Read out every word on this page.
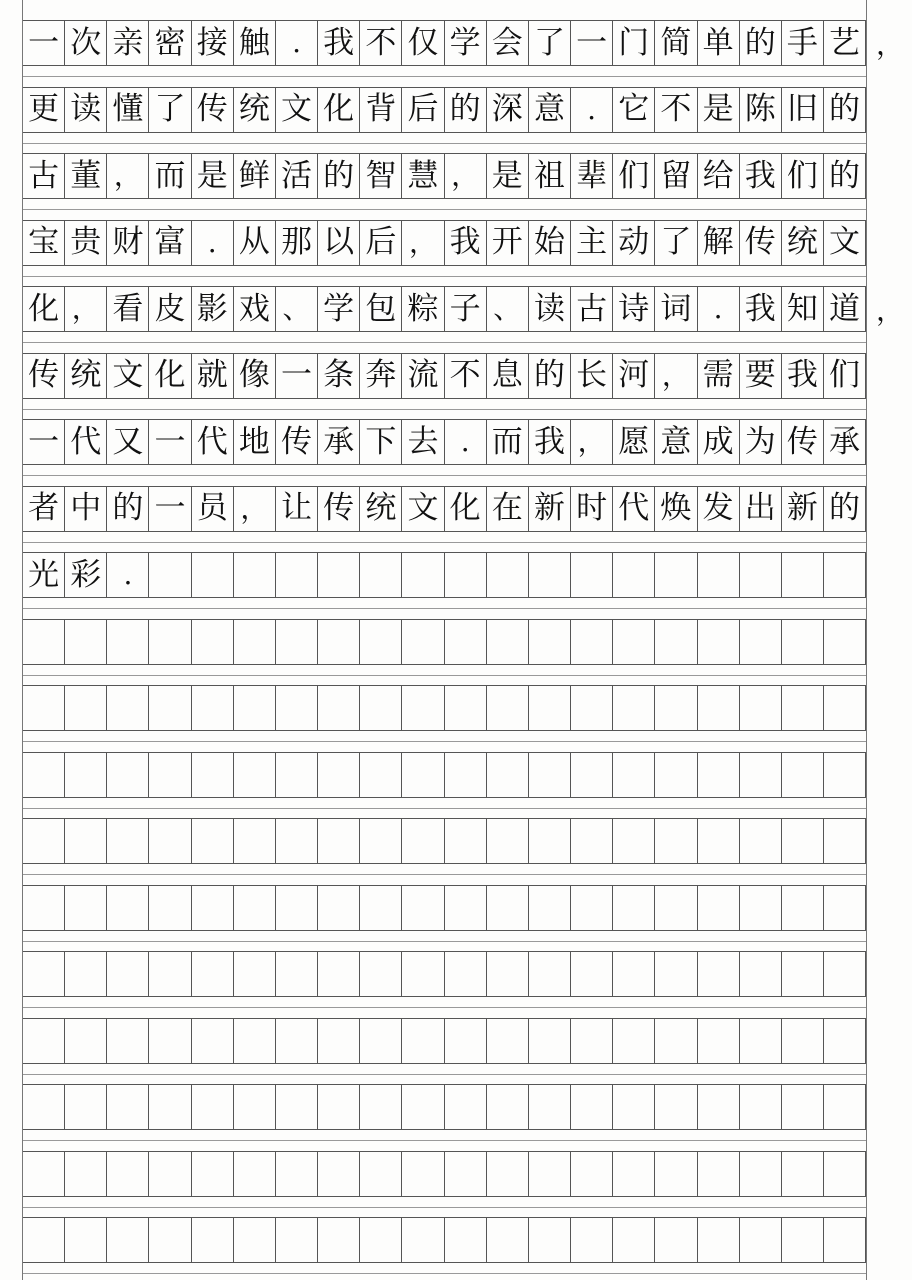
一 次 亲 密 接 触 . 我 不 仅 学 会 了 一 门 简 单 的 手 艺 ，
更 读 懂 了 传 统 文 化 背 后 的 深 意 . 它 不 是 陈 旧 的
古 董 ， 而 是 鲜 活 的 智 慧 ， 是 祖 辈 们 留 给 我 们 的
宝 贵 财 富 . 从 那 以 后 ， 我 开 始 主 动 了 解 传 统 文
化 ， 看 皮 影 戏 、 学 包 粽 子 、 读 古 诗 词 . 我 知 道 ，
传 统 文 化 就 像 一 条 奔 流 不 息 的 长 河 ， 需 要 我 们
一 代 又 一 代 地 传 承 下 去 . 而 我 ， 愿 意 成 为 传 承
者 中 的 一 员 ， 让 传 统 文 化 在 新 时 代 焕 发 出 新 的
光 彩 .
